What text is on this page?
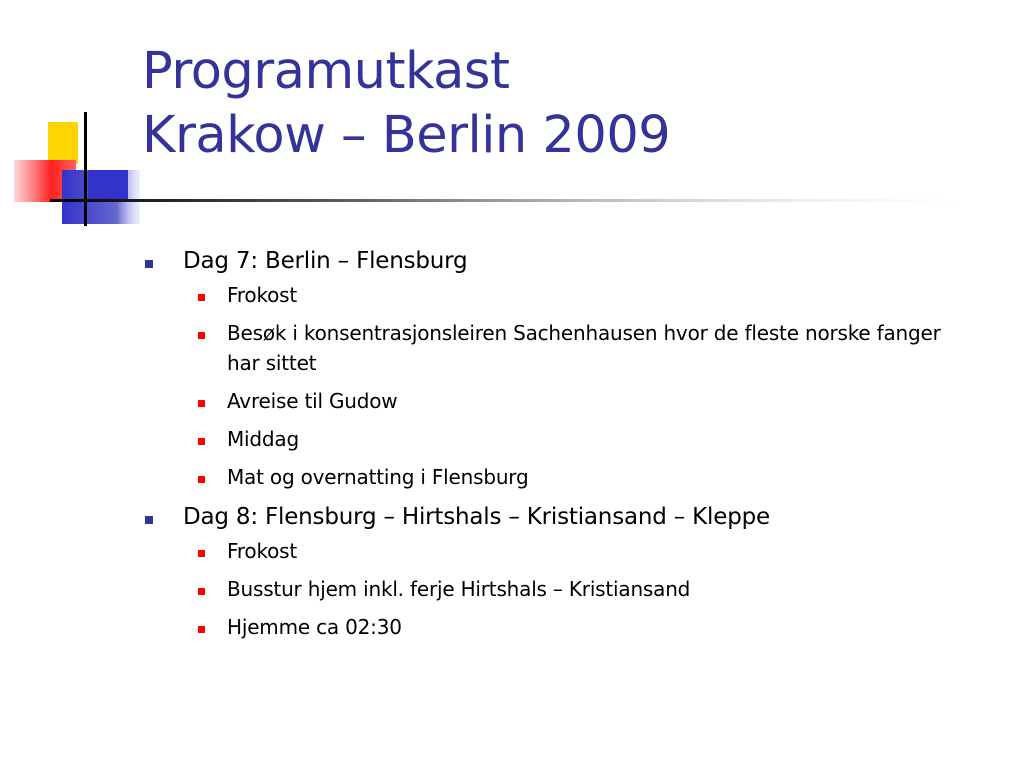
Programutkast
Krakow – Berlin 2009
Dag 7: Berlin – Flensburg
Frokost
Besøk i konsentrasjonsleiren Sachenhausen hvor de fleste norske fanger har sittet
Avreise til Gudow
Middag
Mat og overnatting i Flensburg
Dag 8: Flensburg – Hirtshals – Kristiansand – Kleppe
Frokost
Busstur hjem inkl. ferje Hirtshals – Kristiansand
Hjemme ca 02:30
